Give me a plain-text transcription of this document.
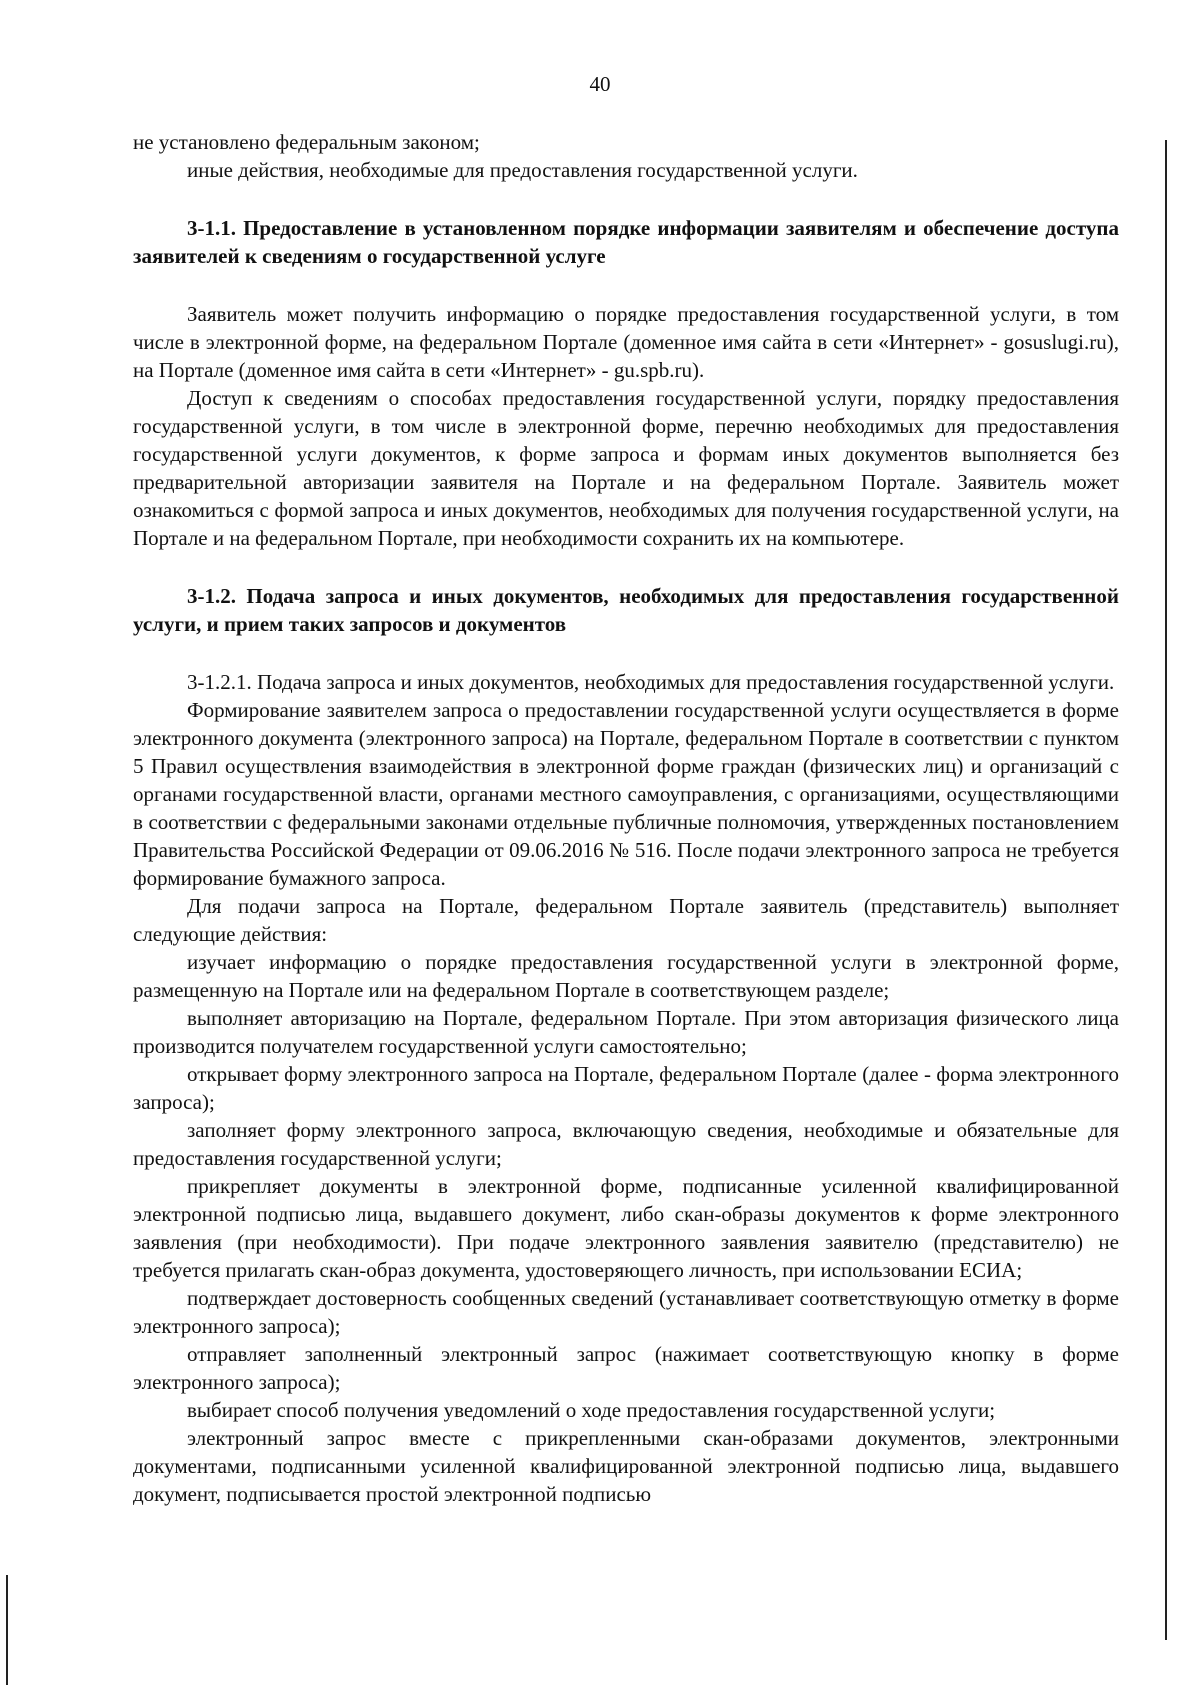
40

не установлено федеральным законом;

иные действия, необходимые для предоставления государственной услуги.

3-1.1. Предоставление в установленном порядке информации заявителям и обеспечение доступа заявителей к сведениям о государственной услуге

Заявитель может получить информацию о порядке предоставления государственной услуги, в том числе в электронной форме, на федеральном Портале (доменное имя сайта в сети «Интернет» - gosuslugi.ru), на Портале (доменное имя сайта в сети «Интернет» - gu.spb.ru).

Доступ к сведениям о способах предоставления государственной услуги, порядку предоставления государственной услуги, в том числе в электронной форме, перечню необходимых для предоставления государственной услуги документов, к форме запроса и формам иных документов выполняется без предварительной авторизации заявителя на Портале и на федеральном Портале. Заявитель может ознакомиться с формой запроса и иных документов, необходимых для получения государственной услуги, на Портале и на федеральном Портале, при необходимости сохранить их на компьютере.

3-1.2. Подача запроса и иных документов, необходимых для предоставления государственной услуги, и прием таких запросов и документов

3-1.2.1. Подача запроса и иных документов, необходимых для предоставления государственной услуги.

Формирование заявителем запроса о предоставлении государственной услуги осуществляется в форме электронного документа (электронного запроса) на Портале, федеральном Портале в соответствии с пунктом 5 Правил осуществления взаимодействия в электронной форме граждан (физических лиц) и организаций с органами государственной власти, органами местного самоуправления, с организациями, осуществляющими в соответствии с федеральными законами отдельные публичные полномочия, утвержденных постановлением Правительства Российской Федерации от 09.06.2016 № 516. После подачи электронного запроса не требуется формирование бумажного запроса.

Для подачи запроса на Портале, федеральном Портале заявитель (представитель) выполняет следующие действия:

изучает информацию о порядке предоставления государственной услуги в электронной форме, размещенную на Портале или на федеральном Портале в соответствующем разделе;

выполняет авторизацию на Портале, федеральном Портале. При этом авторизация физического лица производится получателем государственной услуги самостоятельно;

открывает форму электронного запроса на Портале, федеральном Портале (далее - форма электронного запроса);

заполняет форму электронного запроса, включающую сведения, необходимые и обязательные для предоставления государственной услуги;

прикрепляет документы в электронной форме, подписанные усиленной квалифицированной электронной подписью лица, выдавшего документ, либо скан-образы документов к форме электронного заявления (при необходимости). При подаче электронного заявления заявителю (представителю) не требуется прилагать скан-образ документа, удостоверяющего личность, при использовании ЕСИА;

подтверждает достоверность сообщенных сведений (устанавливает соответствующую отметку в форме электронного запроса);

отправляет заполненный электронный запрос (нажимает соответствующую кнопку в форме электронного запроса);

выбирает способ получения уведомлений о ходе предоставления государственной услуги;

электронный запрос вместе с прикрепленными скан-образами документов, электронными документами, подписанными усиленной квалифицированной электронной подписью лица, выдавшего документ, подписывается простой электронной подписью
